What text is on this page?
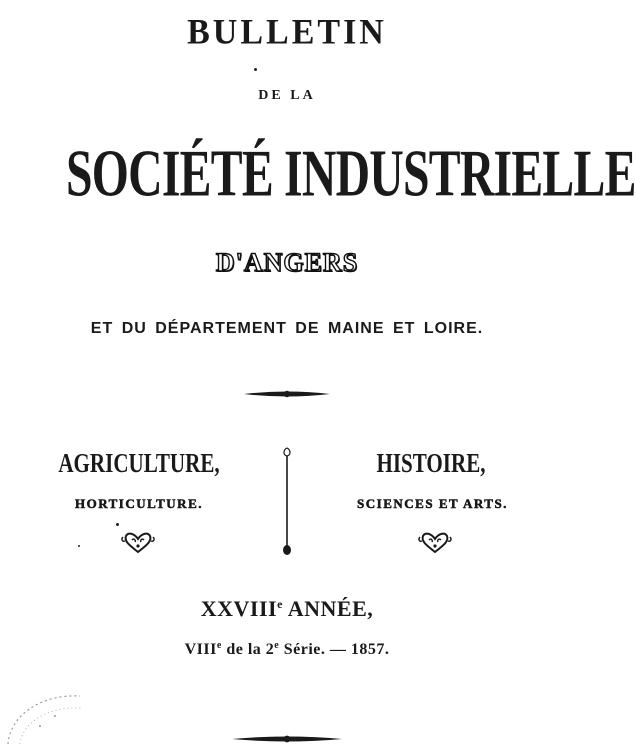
BULLETIN
DE LA
SOCIÉTÉ INDUSTRIELLE
D'ANGERS
ET DU DÉPARTEMENT DE MAINE ET LOIRE.
AGRICULTURE,
HORTICULTURE.
HISTOIRE,
SCIENCES ET ARTS.
XXVIIIe ANNÉE,
VIIIe de la 2e Série. — 1857.
